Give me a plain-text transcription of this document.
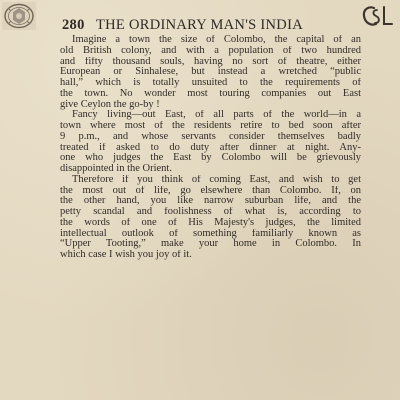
280 THE ORDINARY MAN'S INDIA
Imagine a town the size of Colombo, the capital of an
old British colony, and with a population of two hundred
and fifty thousand souls, having no sort of theatre, either
European or Sinhalese, but instead a wretched “public
hall,” which is totally unsuited to the requirements of
the town. No wonder most touring companies out East
give Ceylon the go-by !
Fancy living—out East, of all parts of the world—in a
town where most of the residents retire to bed soon after
9 p.m., and whose servants consider themselves badly
treated if asked to do duty after dinner at night. Any-
one who judges the East by Colombo will be grievously
disappointed in the Orient.
Therefore if you think of coming East, and wish to get
the most out of life, go elsewhere than Colombo. If, on
the other hand, you like narrow suburban life, and the
petty scandal and foolishness of what is, according to
the words of one of His Majesty's judges, the limited
intellectual outlook of something familiarly known as
“Upper Tooting,” make your home in Colombo. In
which case I wish you joy of it.
